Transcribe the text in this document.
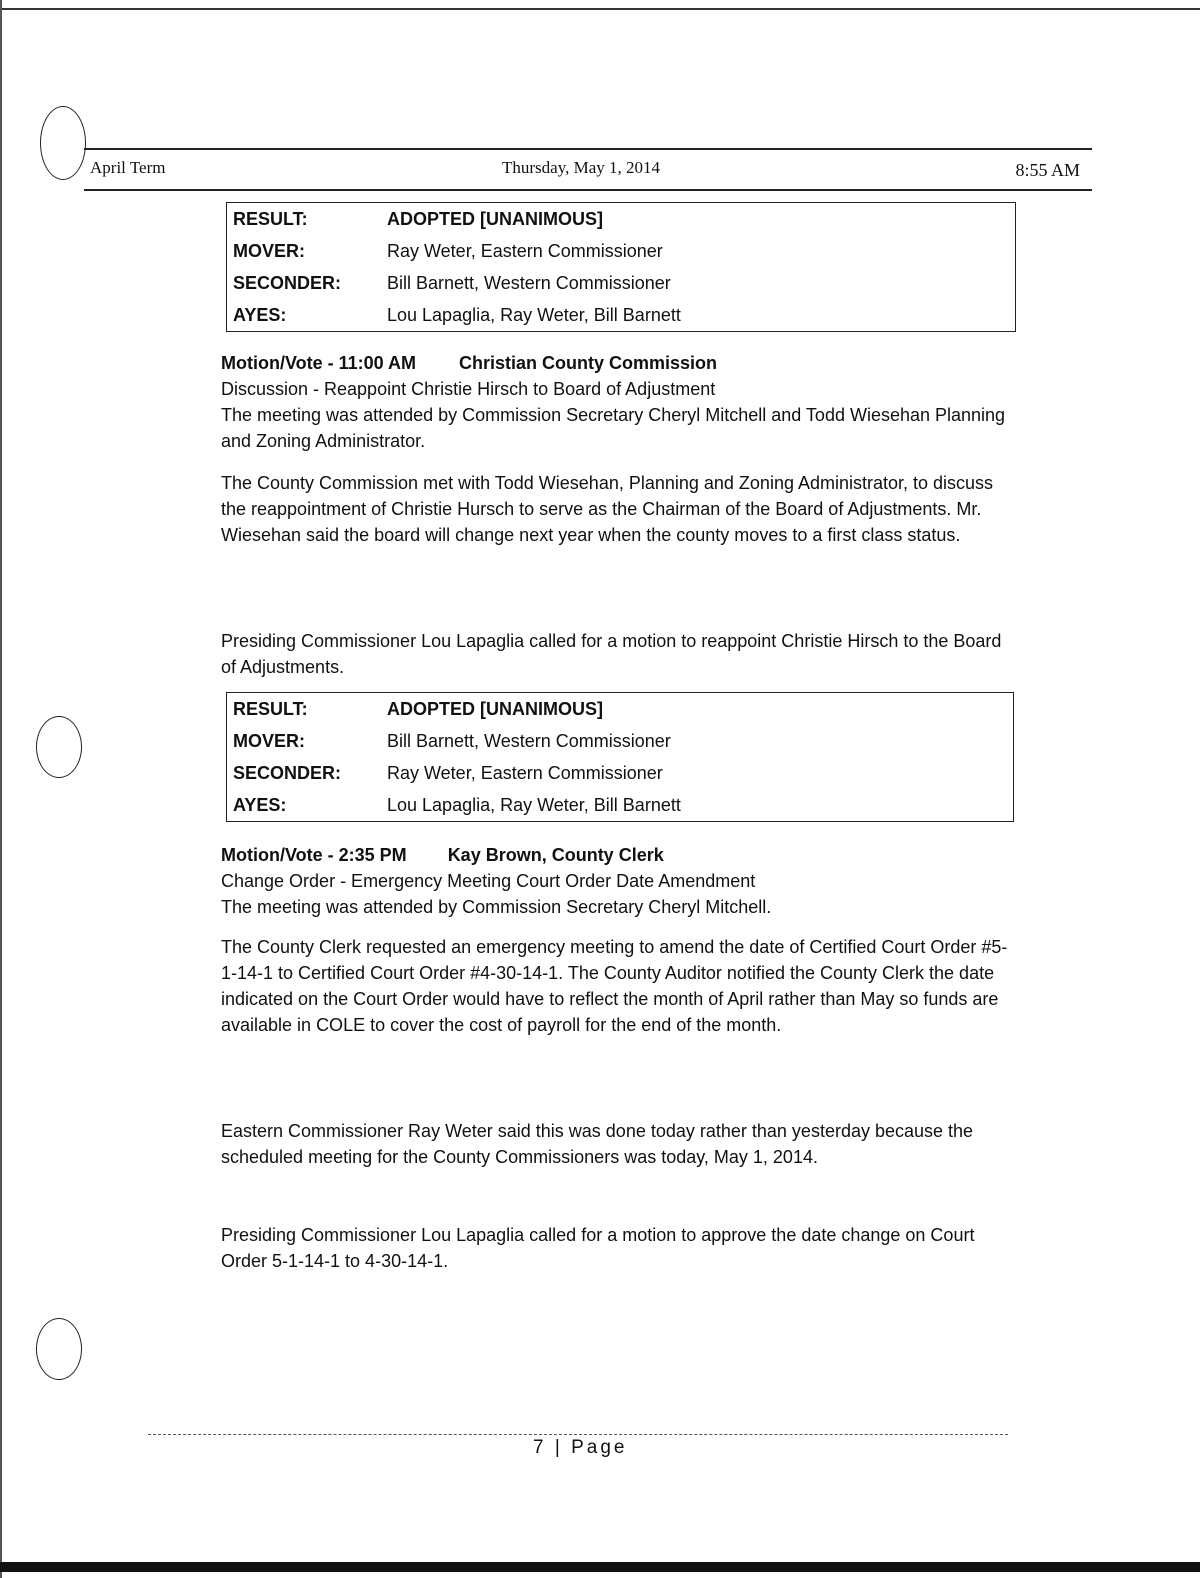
April Term	Thursday, May 1, 2014	8:55 AM
RESULT:	ADOPTED [UNANIMOUS]
MOVER:	Ray Weter, Eastern Commissioner
SECONDER:	Bill Barnett, Western Commissioner
AYES:	Lou Lapaglia, Ray Weter, Bill Barnett
Motion/Vote - 11:00 AM Christian County Commission
Discussion - Reappoint Christie Hirsch to Board of Adjustment
The meeting was attended by Commission Secretary Cheryl Mitchell and Todd Wiesehan Planning and Zoning Administrator.

The County Commission met with Todd Wiesehan, Planning and Zoning Administrator, to discuss the reappointment of Christie Hursch to serve as the Chairman of the Board of Adjustments. Mr. Wiesehan said the board will change next year when the county moves to a first class status.

Presiding Commissioner Lou Lapaglia called for a motion to reappoint Christie Hirsch to the Board of Adjustments.

RESULT:	ADOPTED [UNANIMOUS]
MOVER:	Bill Barnett, Western Commissioner
SECONDER:	Ray Weter, Eastern Commissioner
AYES:	Lou Lapaglia, Ray Weter, Bill Barnett
Motion/Vote - 2:35 PM Kay Brown, County Clerk
Change Order - Emergency Meeting Court Order Date Amendment
The meeting was attended by Commission Secretary Cheryl Mitchell.

The County Clerk requested an emergency meeting to amend the date of Certified Court Order #5-1-14-1 to Certified Court Order #4-30-14-1. The County Auditor notified the County Clerk the date indicated on the Court Order would have to reflect the month of April rather than May so funds are available in COLE to cover the cost of payroll for the end of the month.

Eastern Commissioner Ray Weter said this was done today rather than yesterday because the scheduled meeting for the County Commissioners was today, May 1, 2014.

Presiding Commissioner Lou Lapaglia called for a motion to approve the date change on Court Order 5-1-14-1 to 4-30-14-1.

7 | Page
